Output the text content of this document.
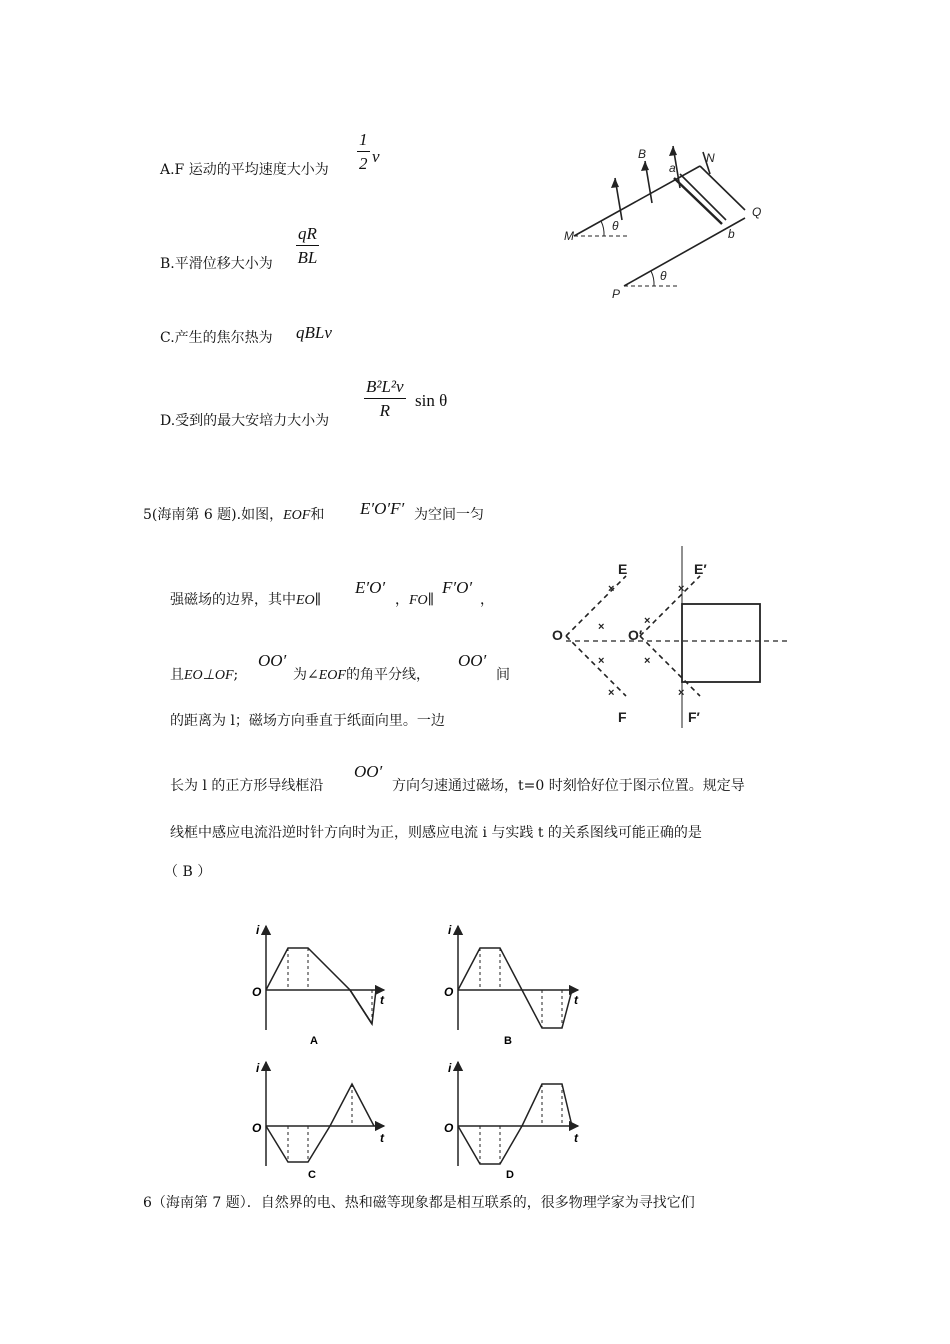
A.F 运动的平均速度大小为
1
2 ν
B.平滑位移大小为
qR
BL
C.产生的焦尔热为 qBLν
D.受到的最大安培力大小为
B²L²ν
R
sin θ
B
a
N
Q
b
M
θ
P
θ
5(海南第 6 题).如图，EOF和 E′O′F′ 为空间一匀
强磁场的边界，其中EO∥
E′O′
，FO∥
F′O′
，
且EO⊥OF;
OO′
为∠EOF的角平分线，
OO′
间
的距离为 l；磁场方向垂直于纸面向里。一边
长为 l 的正方形导线框沿
OO′
方向匀速通过磁场，t=0 时刻恰好位于图示位置。规定导
线框中感应电流沿逆时针方向时为正，则感应电流 i 与实践 t 的关系图线可能正确的是
（ B ）
×	×
×	×
×	×
×	×
E	E′
O	O′
F	F′
i
O
t
A
i
O
t
B
i
O
t
C
i
O
t
D
6（海南第 7 题）．自然界的电、热和磁等现象都是相互联系的，很多物理学家为寻找它们
